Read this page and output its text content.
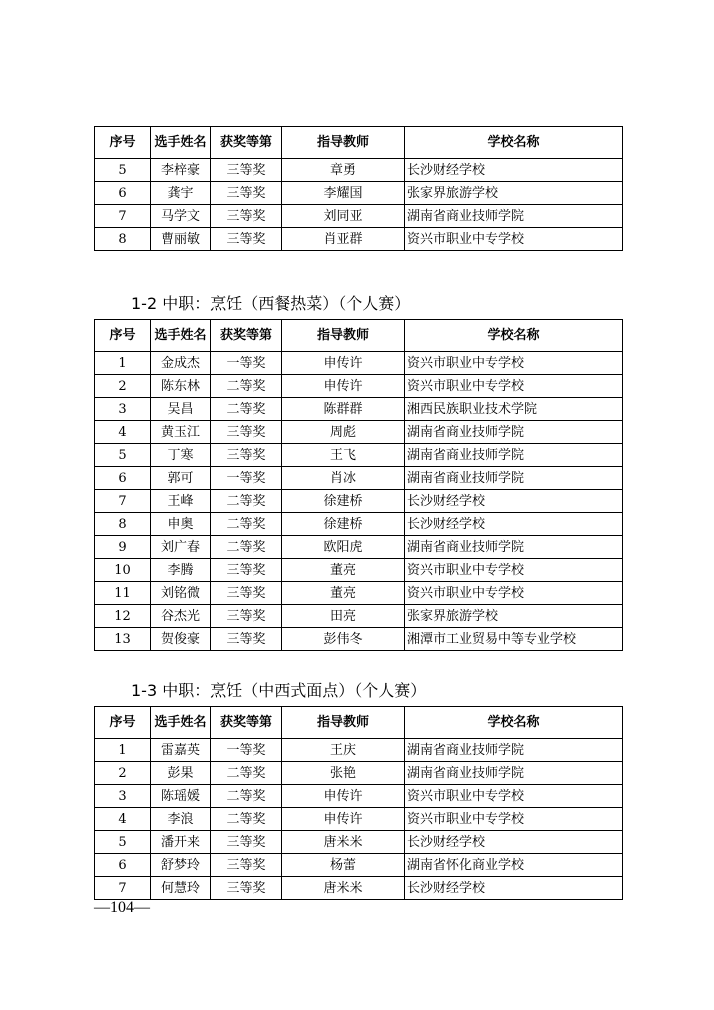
序号	选手姓名	获奖等第	指导教师	学校名称
5	李梓豪	三等奖	章勇	长沙财经学校
6	龚宇	三等奖	李耀国	张家界旅游学校
7	马学文	三等奖	刘同亚	湖南省商业技师学院
8	曹丽敏	三等奖	肖亚群	资兴市职业中专学校
1-2 中职：烹饪（西餐热菜）（个人赛）
序号	选手姓名	获奖等第	指导教师	学校名称
1	金成杰	一等奖	申传许	资兴市职业中专学校
2	陈东林	二等奖	申传许	资兴市职业中专学校
3	吴昌	二等奖	陈群群	湘西民族职业技术学院
4	黄玉江	三等奖	周彪	湖南省商业技师学院
5	丁寒	三等奖	王飞	湖南省商业技师学院
6	郭可	一等奖	肖冰	湖南省商业技师学院
7	王峰	二等奖	徐建桥	长沙财经学校
8	申奥	二等奖	徐建桥	长沙财经学校
9	刘广春	二等奖	欧阳虎	湖南省商业技师学院
10	李腾	三等奖	董亮	资兴市职业中专学校
11	刘铭微	三等奖	董亮	资兴市职业中专学校
12	谷杰光	三等奖	田亮	张家界旅游学校
13	贺俊豪	三等奖	彭伟冬	湘潭市工业贸易中等专业学校
1-3 中职：烹饪（中西式面点）（个人赛）
序号	选手姓名	获奖等第	指导教师	学校名称
1	雷嘉英	一等奖	王庆	湖南省商业技师学院
2	彭果	二等奖	张艳	湖南省商业技师学院
3	陈瑶媛	二等奖	申传许	资兴市职业中专学校
4	李浪	二等奖	申传许	资兴市职业中专学校
5	潘开来	三等奖	唐米米	长沙财经学校
6	舒梦玲	三等奖	杨蕾	湖南省怀化商业学校
7	何慧玲	三等奖	唐米米	长沙财经学校
—104—
